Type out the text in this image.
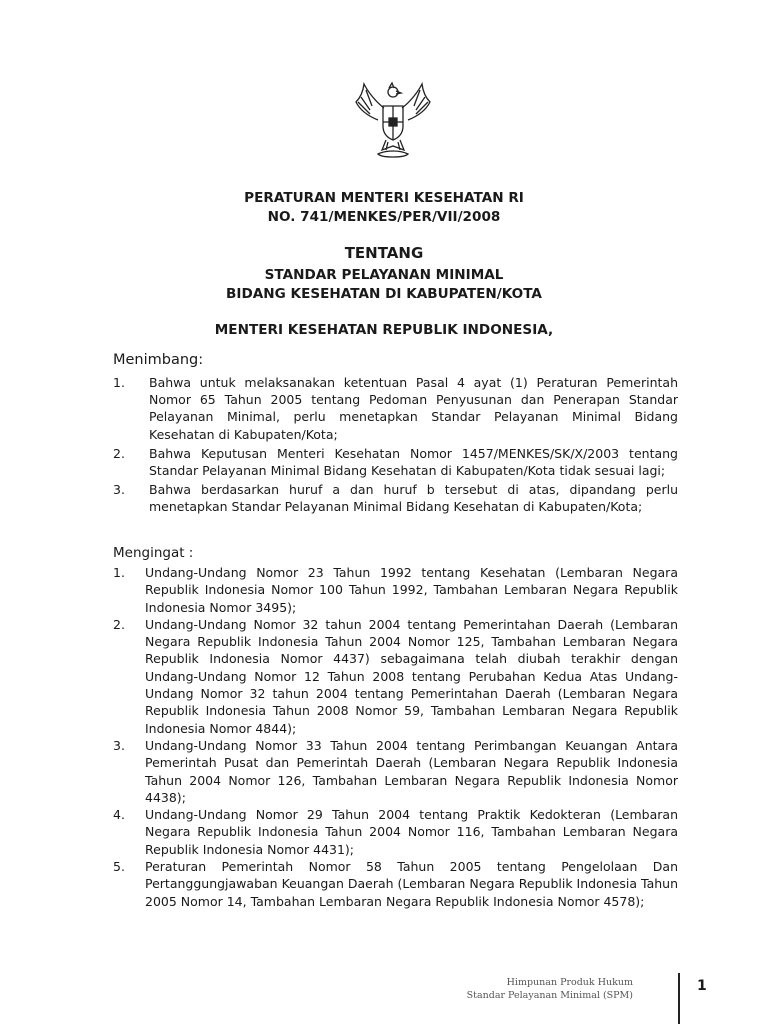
PERATURAN MENTERI KESEHATAN RI
NO. 741/MENKES/PER/VII/2008
TENTANG
STANDAR PELAYANAN MINIMAL
BIDANG KESEHATAN DI KABUPATEN/KOTA
MENTERI KESEHATAN REPUBLIK INDONESIA,
Menimbang:
1. Bahwa untuk melaksanakan ketentuan Pasal 4 ayat (1) Peraturan Pemerintah Nomor 65 Tahun 2005 tentang Pedoman Penyusunan dan Penerapan Standar Pelayanan Minimal, perlu menetapkan Standar Pelayanan Minimal Bidang Kesehatan di Kabupaten/Kota;
2. Bahwa Keputusan Menteri Kesehatan Nomor 1457/MENKES/SK/X/2003 tentang Standar Pelayanan Minimal Bidang Kesehatan di Kabupaten/Kota tidak sesuai lagi;
3. Bahwa berdasarkan huruf a dan huruf b tersebut di atas, dipandang perlu menetapkan Standar Pelayanan Minimal Bidang Kesehatan di Kabupaten/Kota;
Mengingat :
1. Undang-Undang Nomor 23 Tahun 1992 tentang Kesehatan (Lembaran Negara Republik Indonesia Nomor 100 Tahun 1992, Tambahan Lembaran Negara Republik Indonesia Nomor 3495);
2. Undang-Undang Nomor 32 tahun 2004 tentang Pemerintahan Daerah (Lembaran Negara Republik Indonesia Tahun 2004 Nomor 125, Tambahan Lembaran Negara Republik Indonesia Nomor 4437) sebagaimana telah diubah terakhir dengan Undang-Undang Nomor 12 Tahun 2008 tentang Perubahan Kedua Atas Undang- Undang Nomor 32 tahun 2004 tentang Pemerintahan Daerah (Lembaran Negara Republik Indonesia Tahun 2008 Nomor 59, Tambahan Lembaran Negara Republik Indonesia Nomor 4844);
3. Undang-Undang Nomor 33 Tahun 2004 tentang Perimbangan Keuangan Antara Pemerintah Pusat dan Pemerintah Daerah (Lembaran Negara Republik Indonesia Tahun 2004 Nomor 126, Tambahan Lembaran Negara Republik Indonesia Nomor 4438);
4. Undang-Undang Nomor 29 Tahun 2004 tentang Praktik Kedokteran (Lembaran Negara Republik Indonesia Tahun 2004 Nomor 116, Tambahan Lembaran Negara Republik Indonesia Nomor 4431);
5. Peraturan Pemerintah Nomor 58 Tahun 2005 tentang Pengelolaan Dan Pertanggungjawaban Keuangan Daerah (Lembaran Negara Republik Indonesia Tahun 2005 Nomor 14, Tambahan Lembaran Negara Republik Indonesia Nomor 4578);
Himpunan Produk Hukum
Standar Pelayanan Minimal (SPM)
1
